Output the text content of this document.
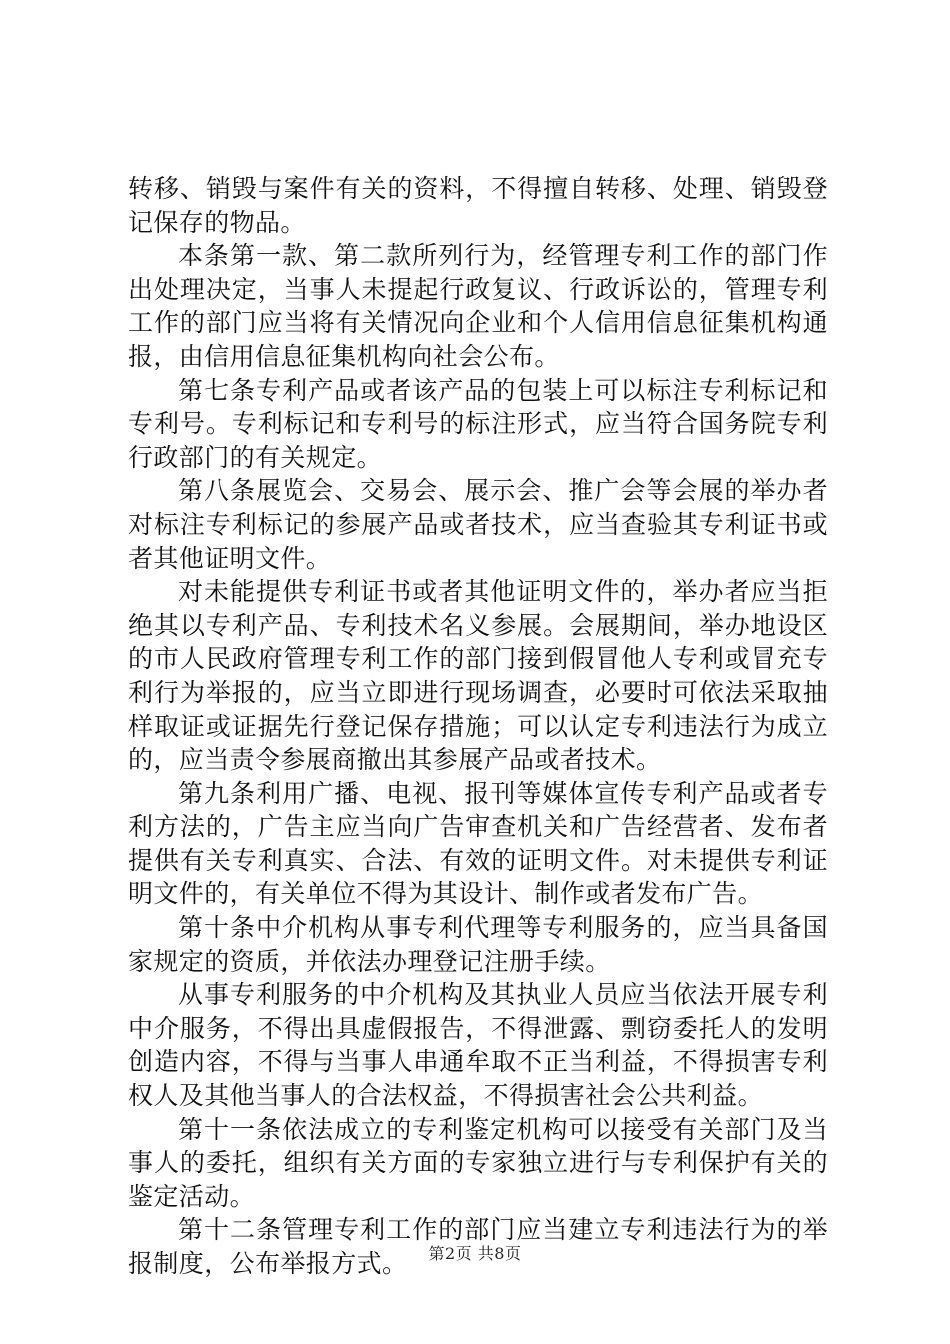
转移、销毁与案件有关的资料，不得擅自转移、处理、销毁登记保存的物品。

本条第一款、第二款所列行为，经管理专利工作的部门作出处理决定，当事人未提起行政复议、行政诉讼的，管理专利工作的部门应当将有关情况向企业和个人信用信息征集机构通报，由信用信息征集机构向社会公布。

第七条专利产品或者该产品的包装上可以标注专利标记和专利号。专利标记和专利号的标注形式，应当符合国务院专利行政部门的有关规定。

第八条展览会、交易会、展示会、推广会等会展的举办者对标注专利标记的参展产品或者技术，应当查验其专利证书或者其他证明文件。

对未能提供专利证书或者其他证明文件的，举办者应当拒绝其以专利产品、专利技术名义参展。会展期间，举办地设区的市人民政府管理专利工作的部门接到假冒他人专利或冒充专利行为举报的，应当立即进行现场调查，必要时可依法采取抽样取证或证据先行登记保存措施；可以认定专利违法行为成立的，应当责令参展商撤出其参展产品或者技术。

第九条利用广播、电视、报刊等媒体宣传专利产品或者专利方法的，广告主应当向广告审查机关和广告经营者、发布者提供有关专利真实、合法、有效的证明文件。对未提供专利证明文件的，有关单位不得为其设计、制作或者发布广告。

第十条中介机构从事专利代理等专利服务的，应当具备国家规定的资质，并依法办理登记注册手续。

从事专利服务的中介机构及其执业人员应当依法开展专利中介服务，不得出具虚假报告，不得泄露、剽窃委托人的发明创造内容，不得与当事人串通牟取不正当利益，不得损害专利权人及其他当事人的合法权益，不得损害社会公共利益。

第十一条依法成立的专利鉴定机构可以接受有关部门及当事人的委托，组织有关方面的专家独立进行与专利保护有关的鉴定活动。

第十二条管理专利工作的部门应当建立专利违法行为的举报制度，公布举报方式。	第2页 共8页
